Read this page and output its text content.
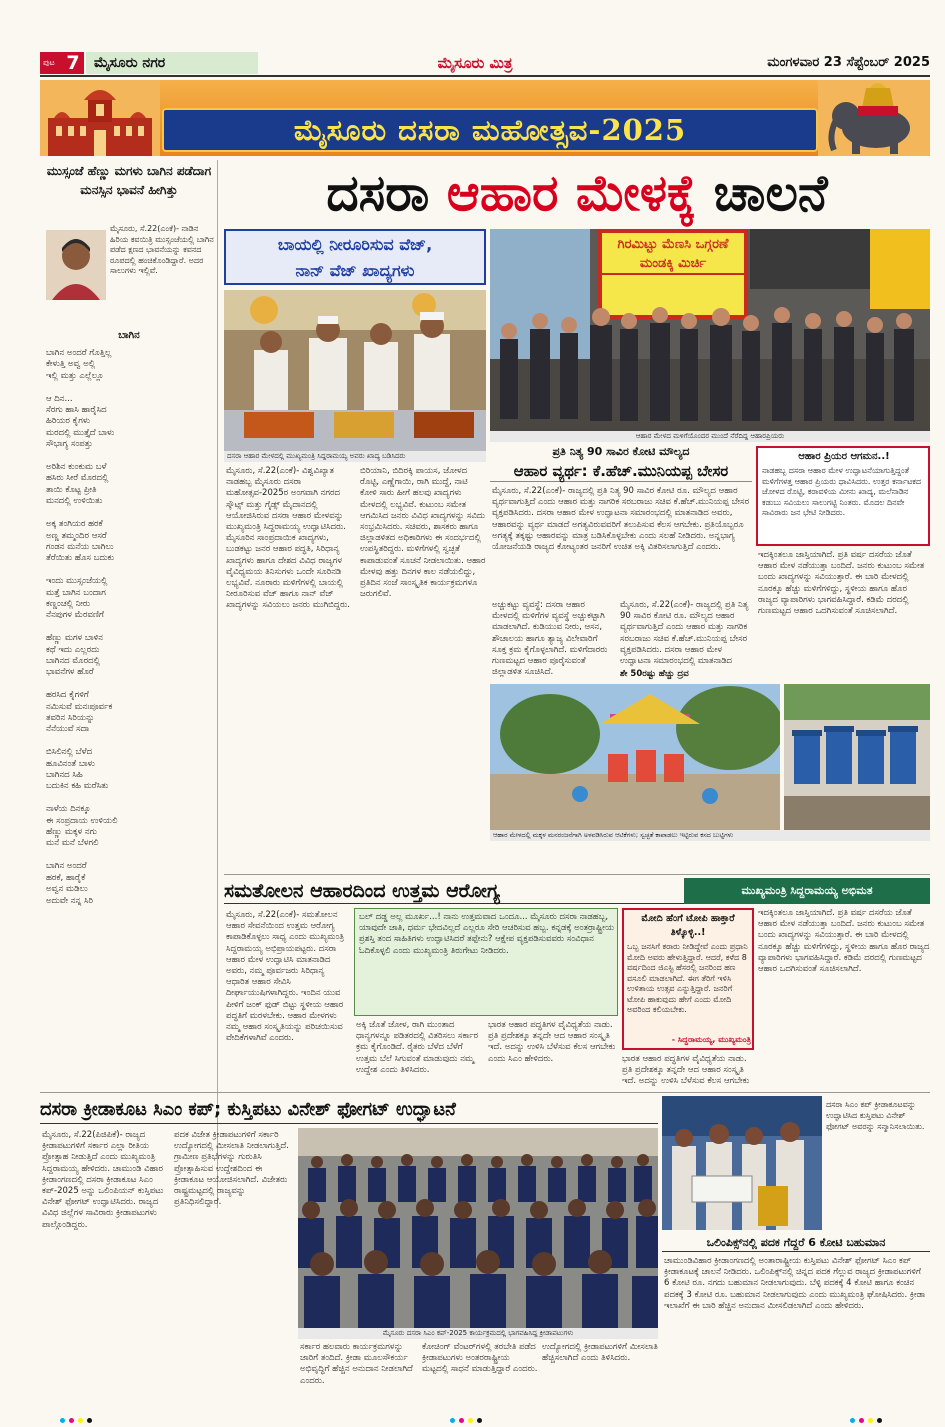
ಪುಟ 7	ಮೈಸೂರು ನಗರ	ಮೈಸೂರು ಮಿತ್ರ	ಮಂಗಳವಾರ 23 ಸೆಪ್ಟೆಂಬರ್ 2025
ಮೈಸೂರು ದಸರಾ ಮಹೋತ್ಸವ-2025
ಮುಸ್ಸಂಜೆ ಹೆಣ್ಣು ಮಗಳು ಬಾಗಿನ ಪಡೆದಾಗ ಮನಸ್ಸಿನ ಭಾವನೆ ಹೀಗಿತ್ತು
ಮೈಸೂರು, ಸೆ.22(ಎಂಕೆ)- ನಾಡಿನ ಹಿರಿಯ ಕವಯಿತ್ರಿ ಮುಸ್ಸಂಜೆಯಲ್ಲಿ ಬಾಗಿನ ಪಡೆದ ಕ್ಷಣದ ಭಾವನೆಯನ್ನು ಕವನದ ರೂಪದಲ್ಲಿ ಹಂಚಿಕೊಂಡಿದ್ದಾರೆ. ಅದರ ಸಾಲುಗಳು ಇಲ್ಲಿವೆ.
ಬಾಗಿನ
ಬಾಗಿನ ಅಂದರೆ ಗೊತ್ತಿಲ್ಲ
ಕೇಳುತ್ತಿ ಅವ್ವ ಅಲ್ಲಿ
ಇಲ್ಲಿ ಮತ್ತು ಎಲ್ಲೆಲ್ಲೂ

ಆ ದಿನ...
ಸೆರಗು ಹಾಸಿ ಹಾರೈಸಿದ
ಹಿರಿಯರ ಕೈಗಳು
ಮರದಲ್ಲಿ ಮುತ್ತೈದೆ ಬಾಳು
ಸೌಭಾಗ್ಯ ಸಂಪತ್ತು

ಅರಿಶಿನ ಕುಂಕುಮ ಬಳೆ
ಹಸಿರು ಸೀರೆ ಮೊರದಲ್ಲಿ
ತಾಯಿ ಕೊಟ್ಟ ಪ್ರೀತಿ
ಮನದಲ್ಲಿ ಉಳಿಯಿತು

ಅಕ್ಕ ತಂಗಿಯರ ಹರಕೆ
ಅಣ್ಣ ತಮ್ಮಂದಿರ ಆಸರೆ
ಗಂಡನ ಮನೆಯ ಬಾಗಿಲು
ತೆರೆಯಿತು ಹೊಸ ಬದುಕು

ಇಂದು ಮುಸ್ಸಂಜೆಯಲ್ಲಿ
ಮತ್ತೆ ಬಾಗಿನ ಬಂದಾಗ
ಕಣ್ಣಂಚಲ್ಲಿ ನೀರು
ನೆನಪುಗಳ ಮೆರವಣಿಗೆ

ಹೆಣ್ಣು ಮಗಳ ಬಾಳಿನ
ಕಥೆ ಇದು ಎಲ್ಲರದು
ಬಾಗಿನದ ಮೊರದಲ್ಲಿ
ಭಾವನೆಗಳ ಹೊರೆ

ಹರಸಿದ ಕೈಗಳಿಗೆ
ನಮಿಸುವೆ ಮನಃಪೂರ್ವಕ
ತವರಿನ ಸಿರಿಯನ್ನು
ನೆನೆಯುವೆ ಸದಾ

ಬಿಸಿಲಿನಲ್ಲಿ ಬೆಳೆದ
ಹೂವಿನಂತೆ ಬಾಳು
ಬಾಗಿನದ ಸಿಹಿ
ಬದುಕಿನ ಕಹಿ ಮರೆಸಿತು

ನಾಳೆಯ ದಿನಕ್ಕೂ
ಈ ಸಂಪ್ರದಾಯ ಉಳಿಯಲಿ
ಹೆಣ್ಣು ಮಕ್ಕಳ ನಗು
ಮನೆ ಮನೆ ಬೆಳಗಲಿ

ಬಾಗಿನ ಅಂದರೆ
ಹರಕೆ, ಹಾರೈಕೆ
ಅವ್ವನ ಮಡಿಲು
ಅದುವೇ ನನ್ನ ಸಿರಿ
ದಸರಾ ಆಹಾರ ಮೇಳಕ್ಕೆ ಚಾಲನೆ
ಬಾಯಲ್ಲಿ ನೀರೂರಿಸುವ ವೆಜ್,
ನಾನ್ ವೆಜ್ ಖಾದ್ಯಗಳು
ದಸರಾ ಆಹಾರ ಮೇಳದಲ್ಲಿ ಮುಖ್ಯಮಂತ್ರಿ ಸಿದ್ದರಾಮಯ್ಯ ಅವರು ಖಾದ್ಯ ಬಡಿಸಿದರು
ಗಿರಮಿಟ್ಟು ಮೆಣಸಿ ಒಗ್ಗರಣೆ ಮಂಡಕ್ಕಿ ಮಿರ್ಚಿ
ಆಹಾರ ಮೇಳದ ಮಳಿಗೆಯೊಂದರ ಮುಂದೆ ನೆರೆದಿದ್ದ ಆಹಾರಪ್ರಿಯರು
ಮೈಸೂರು, ಸೆ.22(ಎಂಕೆ)- ವಿಶ್ವವಿಖ್ಯಾತ ನಾಡಹಬ್ಬ ಮೈಸೂರು ದಸರಾ ಮಹೋತ್ಸವ-2025ರ ಅಂಗವಾಗಿ ನಗರದ ಸ್ಕೌಟ್ಸ್ ಮತ್ತು ಗೈಡ್ಸ್ ಮೈದಾನದಲ್ಲಿ ಆಯೋಜಿಸಿರುವ ದಸರಾ ಆಹಾರ ಮೇಳವನ್ನು ಮುಖ್ಯಮಂತ್ರಿ ಸಿದ್ದರಾಮಯ್ಯ ಉದ್ಘಾಟಿಸಿದರು. ಮೈಸೂರಿನ ಸಾಂಪ್ರದಾಯಿಕ ಖಾದ್ಯಗಳು, ಬುಡಕಟ್ಟು ಜನರ ಆಹಾರ ಪದ್ಧತಿ, ಸಿರಿಧಾನ್ಯ ಖಾದ್ಯಗಳು ಹಾಗೂ ದೇಶದ ವಿವಿಧ ರಾಜ್ಯಗಳ ವೈವಿಧ್ಯಮಯ ತಿನಿಸುಗಳು ಒಂದೇ ಸೂರಿನಡಿ ಲಭ್ಯವಿವೆ. ನೂರಾರು ಮಳಿಗೆಗಳಲ್ಲಿ ಬಾಯಲ್ಲಿ ನೀರೂರಿಸುವ ವೆಜ್ ಹಾಗೂ ನಾನ್ ವೆಜ್ ಖಾದ್ಯಗಳನ್ನು ಸವಿಯಲು ಜನರು ಮುಗಿಬಿದ್ದರು.
ಬಿರಿಯಾನಿ, ಬಿದಿರಕ್ಕಿ ಪಾಯಸ, ಜೋಳದ ರೊಟ್ಟಿ, ಎಣ್ಣೆಗಾಯಿ, ರಾಗಿ ಮುದ್ದೆ, ನಾಟಿ ಕೋಳಿ ಸಾರು ಹೀಗೆ ಹಲವು ಖಾದ್ಯಗಳು ಮೇಳದಲ್ಲಿ ಲಭ್ಯವಿವೆ. ಕುಟುಂಬ ಸಮೇತ ಆಗಮಿಸಿದ ಜನರು ವಿವಿಧ ಖಾದ್ಯಗಳನ್ನು ಸವಿದು ಸಂಭ್ರಮಿಸಿದರು. ಸಚಿವರು, ಶಾಸಕರು ಹಾಗೂ ಜಿಲ್ಲಾಡಳಿತದ ಅಧಿಕಾರಿಗಳು ಈ ಸಂದರ್ಭದಲ್ಲಿ ಉಪಸ್ಥಿತರಿದ್ದರು. ಮಳಿಗೆಗಳಲ್ಲಿ ಸ್ವಚ್ಛತೆ ಕಾಪಾಡುವಂತೆ ಸೂಚನೆ ನೀಡಲಾಯಿತು. ಆಹಾರ ಮೇಳವು ಹತ್ತು ದಿನಗಳ ಕಾಲ ನಡೆಯಲಿದ್ದು, ಪ್ರತಿದಿನ ಸಂಜೆ ಸಾಂಸ್ಕೃತಿಕ ಕಾರ್ಯಕ್ರಮಗಳೂ ಜರುಗಲಿವೆ.
ಪ್ರತಿ ನಿತ್ಯ 90 ಸಾವಿರ ಕೋಟಿ ಮೌಲ್ಯದ
ಆಹಾರ ವ್ಯರ್ಥ: ಕೆ.ಹೆಚ್.ಮುನಿಯಪ್ಪ ಬೇಸರ
ಮೈಸೂರು, ಸೆ.22(ಎಂಕೆ)- ರಾಜ್ಯದಲ್ಲಿ ಪ್ರತಿ ನಿತ್ಯ 90 ಸಾವಿರ ಕೋಟಿ ರೂ. ಮೌಲ್ಯದ ಆಹಾರ ವ್ಯರ್ಥವಾಗುತ್ತಿದೆ ಎಂದು ಆಹಾರ ಮತ್ತು ನಾಗರಿಕ ಸರಬರಾಜು ಸಚಿವ ಕೆ.ಹೆಚ್.ಮುನಿಯಪ್ಪ ಬೇಸರ ವ್ಯಕ್ತಪಡಿಸಿದರು. ದಸರಾ ಆಹಾರ ಮೇಳ ಉದ್ಘಾಟನಾ ಸಮಾರಂಭದಲ್ಲಿ ಮಾತನಾಡಿದ ಅವರು, ಆಹಾರವನ್ನು ವ್ಯರ್ಥ ಮಾಡದೆ ಅಗತ್ಯವಿರುವವರಿಗೆ ತಲುಪಿಸುವ ಕೆಲಸ ಆಗಬೇಕು. ಪ್ರತಿಯೊಬ್ಬರೂ ಅಗತ್ಯಕ್ಕೆ ತಕ್ಕಷ್ಟು ಆಹಾರವನ್ನು ಮಾತ್ರ ಬಡಿಸಿಕೊಳ್ಳಬೇಕು ಎಂದು ಸಲಹೆ ನೀಡಿದರು. ಅನ್ನಭಾಗ್ಯ ಯೋಜನೆಯಡಿ ರಾಜ್ಯದ ಕೋಟ್ಯಂತರ ಜನರಿಗೆ ಉಚಿತ ಅಕ್ಕಿ ವಿತರಿಸಲಾಗುತ್ತಿದೆ ಎಂದರು.
ಅಚ್ಚುಕಟ್ಟು ವ್ಯವಸ್ಥೆ: ದಸರಾ ಆಹಾರ ಮೇಳದಲ್ಲಿ ಮಳಿಗೆಗಳ ವ್ಯವಸ್ಥೆ ಅಚ್ಚುಕಟ್ಟಾಗಿ ಮಾಡಲಾಗಿದೆ. ಕುಡಿಯುವ ನೀರು, ಆಸನ, ಶೌಚಾಲಯ ಹಾಗೂ ತ್ಯಾಜ್ಯ ವಿಲೇವಾರಿಗೆ ಸೂಕ್ತ ಕ್ರಮ ಕೈಗೊಳ್ಳಲಾಗಿದೆ. ಮಳಿಗೆದಾರರು ಗುಣಮಟ್ಟದ ಆಹಾರ ಪೂರೈಸುವಂತೆ ಜಿಲ್ಲಾಡಳಿತ ಸೂಚಿಸಿದೆ.
ಮೈಸೂರು, ಸೆ.22(ಎಂಕೆ)- ರಾಜ್ಯದಲ್ಲಿ ಪ್ರತಿ ನಿತ್ಯ 90 ಸಾವಿರ ಕೋಟಿ ರೂ. ಮೌಲ್ಯದ ಆಹಾರ ವ್ಯರ್ಥವಾಗುತ್ತಿದೆ ಎಂದು ಆಹಾರ ಮತ್ತು ನಾಗರಿಕ ಸರಬರಾಜು ಸಚಿವ ಕೆ.ಹೆಚ್.ಮುನಿಯಪ್ಪ ಬೇಸರ ವ್ಯಕ್ತಪಡಿಸಿದರು. ದಸರಾ ಆಹಾರ ಮೇಳ ಉದ್ಘಾಟನಾ ಸಮಾರಂಭದಲ್ಲಿ ಮಾತನಾಡಿದ
ಶೇ 50ರಷ್ಟು ಹೆಚ್ಚು ದ್ರವ
ಆಹಾರ ಪ್ರಿಯರ ಆಗಮನ..!
ನಾಡಹಬ್ಬ ದಸರಾ ಆಹಾರ ಮೇಳ ಉದ್ಘಾಟನೆಯಾಗುತ್ತಿದ್ದಂತೆ ಮಳಿಗೆಗಳತ್ತ ಆಹಾರ ಪ್ರಿಯರು ಧಾವಿಸಿದರು. ಉತ್ತರ ಕರ್ನಾಟಕದ ಜೋಳದ ರೊಟ್ಟಿ, ಕರಾವಳಿಯ ಮೀನು ಖಾದ್ಯ, ಮಲೆನಾಡಿನ ಕಡುಬು ಸವಿಯಲು ಸಾಲುಗಟ್ಟಿ ನಿಂತರು. ಮೊದಲ ದಿನವೇ ಸಾವಿರಾರು ಜನ ಭೇಟಿ ನೀಡಿದರು.
ಇದಕ್ಕಿಂತಲೂ ಜಾಸ್ತಿಯಾಗಿದೆ. ಪ್ರತಿ ವರ್ಷ ದಸರೆಯ ಜೊತೆ ಆಹಾರ ಮೇಳ ನಡೆಯುತ್ತಾ ಬಂದಿದೆ. ಜನರು ಕುಟುಂಬ ಸಮೇತ ಬಂದು ಖಾದ್ಯಗಳನ್ನು ಸವಿಯುತ್ತಾರೆ. ಈ ಬಾರಿ ಮೇಳದಲ್ಲಿ ನೂರಕ್ಕೂ ಹೆಚ್ಚು ಮಳಿಗೆಗಳಿದ್ದು, ಸ್ಥಳೀಯ ಹಾಗೂ ಹೊರ ರಾಜ್ಯದ ವ್ಯಾಪಾರಿಗಳು ಭಾಗವಹಿಸಿದ್ದಾರೆ. ಕಡಿಮೆ ದರದಲ್ಲಿ ಗುಣಮಟ್ಟದ ಆಹಾರ ಒದಗಿಸುವಂತೆ ಸೂಚಿಸಲಾಗಿದೆ.
ಆಹಾರ ಮೇಳದಲ್ಲಿ ಮಕ್ಕಳ ಮನರಂಜನೆಗಾಗಿ ಅಳವಡಿಸಿರುವ ಆಟಿಕೆಗಳು; ಸ್ವಚ್ಛತೆ ಕಾಪಾಡಲು ಇಟ್ಟಿರುವ ಕಸದ ಬುಟ್ಟಿಗಳು
ಸಮತೋಲನ ಆಹಾರದಿಂದ ಉತ್ತಮ ಆರೋಗ್ಯ	ಮುಖ್ಯಮಂತ್ರಿ ಸಿದ್ದರಾಮಯ್ಯ ಅಭಿಮತ
ಮೈಸೂರು, ಸೆ.22(ಎಂಕೆ)- ಸಮತೋಲನ ಆಹಾರ ಸೇವನೆಯಿಂದ ಉತ್ತಮ ಆರೋಗ್ಯ ಕಾಪಾಡಿಕೊಳ್ಳಲು ಸಾಧ್ಯ ಎಂದು ಮುಖ್ಯಮಂತ್ರಿ ಸಿದ್ದರಾಮಯ್ಯ ಅಭಿಪ್ರಾಯಪಟ್ಟರು. ದಸರಾ ಆಹಾರ ಮೇಳ ಉದ್ಘಾಟಿಸಿ ಮಾತನಾಡಿದ ಅವರು, ನಮ್ಮ ಪೂರ್ವಜರು ಸಿರಿಧಾನ್ಯ ಆಧಾರಿತ ಆಹಾರ ಸೇವಿಸಿ ದೀರ್ಘಾಯುಷಿಗಳಾಗಿದ್ದರು. ಇಂದಿನ ಯುವ ಪೀಳಿಗೆ ಜಂಕ್ ಫುಡ್ ಬಿಟ್ಟು ಸ್ಥಳೀಯ ಆಹಾರ ಪದ್ಧತಿಗೆ ಮರಳಬೇಕು. ಆಹಾರ ಮೇಳಗಳು ನಮ್ಮ ಆಹಾರ ಸಂಸ್ಕೃತಿಯನ್ನು ಪರಿಚಯಿಸುವ ವೇದಿಕೆಗಳಾಗಿವೆ ಎಂದರು.
ಬಲ್ ದಡ್ಡ ಅಲ್ಲ ಮೂರ್ಖ...! ನಾನು ಉತ್ತಮವಾದ ಒಂದೂ... ಮೈಸೂರು ದಸರಾ ನಾಡಹಬ್ಬ, ಯಾವುದೇ ಜಾತಿ, ಧರ್ಮ ಭೇದವಿಲ್ಲದೆ ಎಲ್ಲರೂ ಸೇರಿ ಆಚರಿಸುವ ಹಬ್ಬ. ಕನ್ನಡಕ್ಕೆ ಅಂತರ್ರಾಷ್ಟ್ರೀಯ ಪ್ರಶಸ್ತಿ ತಂದ ಸಾಹಿತಿಗಳು ಉದ್ಘಾಟಿಸಿದರೆ ತಪ್ಪೇನು? ಆಕ್ಷೇಪ ವ್ಯಕ್ತಪಡಿಸುವವರು ಸಂವಿಧಾನ ಓದಿಕೊಳ್ಳಲಿ ಎಂದು ಮುಖ್ಯಮಂತ್ರಿ ತಿರುಗೇಟು ನೀಡಿದರು.
ಅಕ್ಕಿ ಜೊತೆ ಜೋಳ, ರಾಗಿ ಮುಂತಾದ ಧಾನ್ಯಗಳನ್ನೂ ಪಡಿತರದಲ್ಲಿ ವಿತರಿಸಲು ಸರ್ಕಾರ ಕ್ರಮ ಕೈಗೊಂಡಿದೆ. ರೈತರು ಬೆಳೆದ ಬೆಳೆಗೆ ಉತ್ತಮ ಬೆಲೆ ಸಿಗುವಂತೆ ಮಾಡುವುದು ನಮ್ಮ ಉದ್ದೇಶ ಎಂದು ತಿಳಿಸಿದರು.
ಭಾರತ ಆಹಾರ ಪದ್ಧತಿಗಳ ವೈವಿಧ್ಯತೆಯ ನಾಡು. ಪ್ರತಿ ಪ್ರದೇಶಕ್ಕೂ ತನ್ನದೇ ಆದ ಆಹಾರ ಸಂಸ್ಕೃತಿ ಇದೆ. ಅದನ್ನು ಉಳಿಸಿ ಬೆಳೆಸುವ ಕೆಲಸ ಆಗಬೇಕು ಎಂದು ಸಿಎಂ ಹೇಳಿದರು.
ಮೋದಿ ಹೆಂಗೆ ಟೋಪಿ ಹಾಕ್ತಾರೆ ತಿಳ್ಕೊಳ್ಳಿ..!
ಒಬ್ಬ ಜನಸಿಗೆ ಕರಾರು ನೀಡಿದ್ದೇವೆ ಎಂದು ಪ್ರಧಾನಿ ಮೋದಿ ಅವರು ಹೇಳುತ್ತಿದ್ದಾರೆ. ಆದರೆ, ಕಳೆದ 8 ವರ್ಷದಿಂದ ಜಿಎಸ್ಟಿ ಹೆಸರಲ್ಲಿ ಜನರಿಂದ ಹಣ ವಸೂಲಿ ಮಾಡಲಾಗಿದೆ. ಈಗ ತೆರಿಗೆ ಇಳಿಸಿ ಉಳಿತಾಯ ಉತ್ಸವ ಎನ್ನುತ್ತಿದ್ದಾರೆ. ಜನರಿಗೆ ಟೋಪಿ ಹಾಕುವುದು ಹೇಗೆ ಎಂದು ಮೋದಿ ಅವರಿಂದ ಕಲಿಯಬೇಕು.
- ಸಿದ್ದರಾಮಯ್ಯ, ಮುಖ್ಯಮಂತ್ರಿ
ಇದಕ್ಕಿಂತಲೂ ಜಾಸ್ತಿಯಾಗಿದೆ. ಪ್ರತಿ ವರ್ಷ ದಸರೆಯ ಜೊತೆ ಆಹಾರ ಮೇಳ ನಡೆಯುತ್ತಾ ಬಂದಿದೆ. ಜನರು ಕುಟುಂಬ ಸಮೇತ ಬಂದು ಖಾದ್ಯಗಳನ್ನು ಸವಿಯುತ್ತಾರೆ. ಈ ಬಾರಿ ಮೇಳದಲ್ಲಿ ನೂರಕ್ಕೂ ಹೆಚ್ಚು ಮಳಿಗೆಗಳಿದ್ದು, ಸ್ಥಳೀಯ ಹಾಗೂ ಹೊರ ರಾಜ್ಯದ ವ್ಯಾಪಾರಿಗಳು ಭಾಗವಹಿಸಿದ್ದಾರೆ. ಕಡಿಮೆ ದರದಲ್ಲಿ ಗುಣಮಟ್ಟದ ಆಹಾರ ಒದಗಿಸುವಂತೆ ಸೂಚಿಸಲಾಗಿದೆ.
ಭಾರತ ಆಹಾರ ಪದ್ಧತಿಗಳ ವೈವಿಧ್ಯತೆಯ ನಾಡು. ಪ್ರತಿ ಪ್ರದೇಶಕ್ಕೂ ತನ್ನದೇ ಆದ ಆಹಾರ ಸಂಸ್ಕೃತಿ ಇದೆ. ಅದನ್ನು ಉಳಿಸಿ ಬೆಳೆಸುವ ಕೆಲಸ ಆಗಬೇಕು
ದಸರಾ ಕ್ರೀಡಾಕೂಟ ಸಿಎಂ ಕಪ್; ಕುಸ್ತಿಪಟು ವಿನೇಶ್ ಫೋಗಟ್ ಉದ್ಘಾಟನೆ
ಮೈಸೂರು, ಸೆ.22(ಪಿಜಿಪಿಕೆ)- ರಾಜ್ಯದ ಕ್ರೀಡಾಪಟುಗಳಿಗೆ ಸರ್ಕಾರ ಎಲ್ಲಾ ರೀತಿಯ ಪ್ರೋತ್ಸಾಹ ನೀಡುತ್ತಿದೆ ಎಂದು ಮುಖ್ಯಮಂತ್ರಿ ಸಿದ್ದರಾಮಯ್ಯ ಹೇಳಿದರು. ಚಾಮುಂಡಿ ವಿಹಾರ ಕ್ರೀಡಾಂಗಣದಲ್ಲಿ ದಸರಾ ಕ್ರೀಡಾಕೂಟ ಸಿಎಂ ಕಪ್-2025 ಅನ್ನು ಒಲಿಂಪಿಯನ್ ಕುಸ್ತಿಪಟು ವಿನೇಶ್ ಫೋಗಟ್ ಉದ್ಘಾಟಿಸಿದರು. ರಾಜ್ಯದ ವಿವಿಧ ಜಿಲ್ಲೆಗಳ ಸಾವಿರಾರು ಕ್ರೀಡಾಪಟುಗಳು ಪಾಲ್ಗೊಂಡಿದ್ದರು.
ಪದಕ ವಿಜೇತ ಕ್ರೀಡಾಪಟುಗಳಿಗೆ ಸರ್ಕಾರಿ ಉದ್ಯೋಗದಲ್ಲಿ ಮೀಸಲಾತಿ ನೀಡಲಾಗುತ್ತಿದೆ. ಗ್ರಾಮೀಣ ಪ್ರತಿಭೆಗಳನ್ನು ಗುರುತಿಸಿ ಪ್ರೋತ್ಸಾಹಿಸುವ ಉದ್ದೇಶದಿಂದ ಈ ಕ್ರೀಡಾಕೂಟ ಆಯೋಜಿಸಲಾಗಿದೆ. ವಿಜೇತರು ರಾಷ್ಟ್ರಮಟ್ಟದಲ್ಲಿ ರಾಜ್ಯವನ್ನು ಪ್ರತಿನಿಧಿಸಲಿದ್ದಾರೆ.
ಮೈಸೂರು ದಸರಾ ಸಿಎಂ ಕಪ್-2025 ಕಾರ್ಯಕ್ರಮದಲ್ಲಿ ಭಾಗವಹಿಸಿದ್ದ ಕ್ರೀಡಾಪಟುಗಳು
ಸರ್ಕಾರ ಹಲವಾರು ಕಾರ್ಯಕ್ರಮಗಳನ್ನು ಜಾರಿಗೆ ತಂದಿದೆ. ಕ್ರೀಡಾ ಮೂಲಸೌಕರ್ಯ ಅಭಿವೃದ್ಧಿಗೆ ಹೆಚ್ಚಿನ ಅನುದಾನ ನೀಡಲಾಗಿದೆ ಎಂದರು.
ಕೋಚಿಂಗ್ ವೆಂಟರ್‌ಗಳಲ್ಲಿ ತರಬೇತಿ ಪಡೆದ ಕ್ರೀಡಾಪಟುಗಳು ಅಂತರರಾಷ್ಟ್ರೀಯ ಮಟ್ಟದಲ್ಲಿ ಸಾಧನೆ ಮಾಡುತ್ತಿದ್ದಾರೆ ಎಂದರು.
ಉದ್ಯೋಗದಲ್ಲಿ ಕ್ರೀಡಾಪಟುಗಳಿಗೆ ಮೀಸಲಾತಿ ಹೆಚ್ಚಿಸಲಾಗಿದೆ ಎಂದು ತಿಳಿಸಿದರು.
ದಸರಾ ಸಿಎಂ ಕಪ್ ಕ್ರೀಡಾಕೂಟವನ್ನು ಉದ್ಘಾಟಿಸಿದ ಕುಸ್ತಿಪಟು ವಿನೇಶ್ ಫೋಗಟ್ ಅವರನ್ನು ಸನ್ಮಾನಿಸಲಾಯಿತು.
ಒಲಿಂಪಿಕ್ಸ್‌ನಲ್ಲಿ ಪದಕ ಗೆದ್ದರೆ 6 ಕೋಟಿ ಬಹುಮಾನ
ಚಾಮುಂಡಿವಿಹಾರ ಕ್ರೀಡಾಂಗಣದಲ್ಲಿ ಅಂತಾರಾಷ್ಟ್ರೀಯ ಕುಸ್ತಿಪಟು ವಿನೇಶ್ ಫೋಗಟ್ ಸಿಎಂ ಕಪ್ ಕ್ರೀಡಾಕೂಟಕ್ಕೆ ಚಾಲನೆ ನೀಡಿದರು. ಒಲಿಂಪಿಕ್ಸ್‌ನಲ್ಲಿ ಚಿನ್ನದ ಪದಕ ಗೆಲ್ಲುವ ರಾಜ್ಯದ ಕ್ರೀಡಾಪಟುಗಳಿಗೆ 6 ಕೋಟಿ ರೂ. ನಗದು ಬಹುಮಾನ ನೀಡಲಾಗುವುದು. ಬೆಳ್ಳಿ ಪದಕಕ್ಕೆ 4 ಕೋಟಿ ಹಾಗೂ ಕಂಚಿನ ಪದಕಕ್ಕೆ 3 ಕೋಟಿ ರೂ. ಬಹುಮಾನ ನೀಡಲಾಗುವುದು ಎಂದು ಮುಖ್ಯಮಂತ್ರಿ ಘೋಷಿಸಿದರು. ಕ್ರೀಡಾ ಇಲಾಖೆಗೆ ಈ ಬಾರಿ ಹೆಚ್ಚಿನ ಅನುದಾನ ಮೀಸಲಿಡಲಾಗಿದೆ ಎಂದು ಹೇಳಿದರು.
